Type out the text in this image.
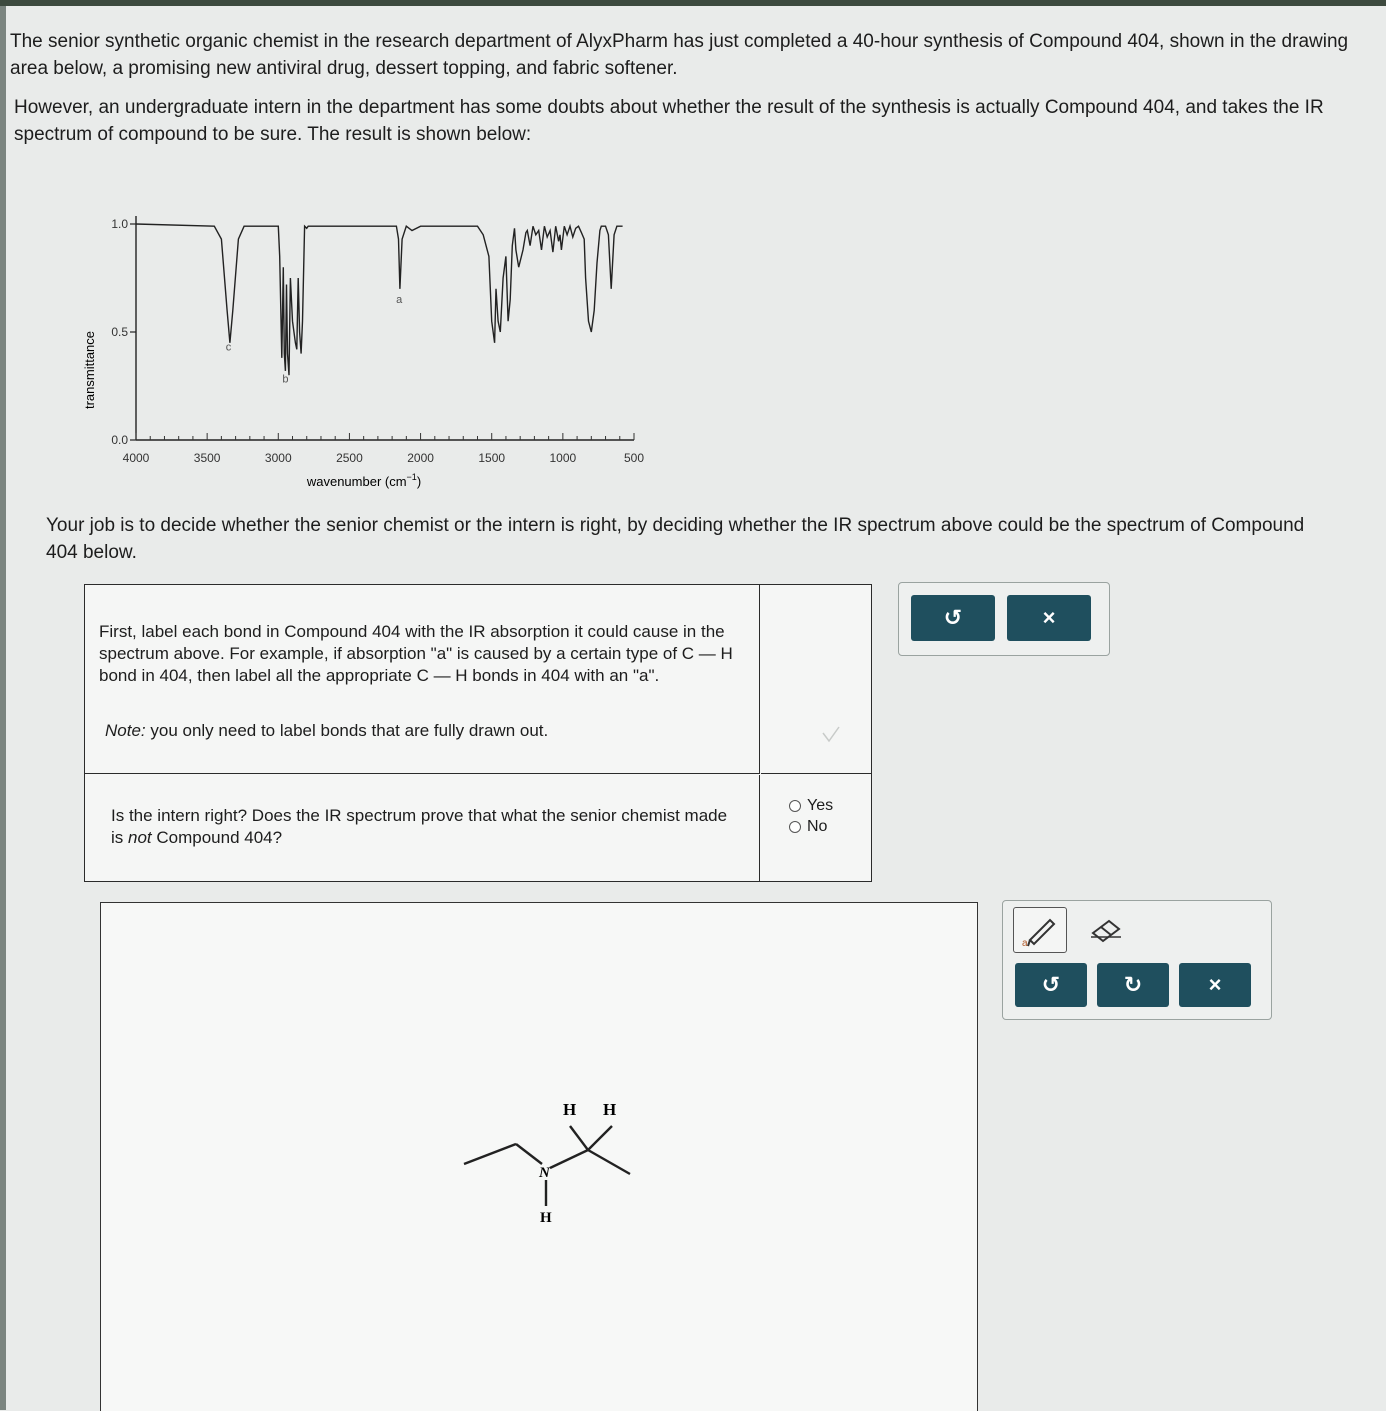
The senior synthetic organic chemist in the research department of AlyxPharm has just completed a 40-hour synthesis of Compound 404, shown in the drawing area below, a promising new antiviral drug, dessert topping, and fabric softener.
However, an undergraduate intern in the department has some doubts about whether the result of the synthesis is actually Compound 404, and takes the IR spectrum of compound to be sure. The result is shown below:
transmittance
0.0
0.5
1.0
4000	3500	3000	2500	2000	1500	1000	500
c
b
a
wavenumber $(cm^{-1})$
Your job is to decide whether the senior chemist or the intern is right, by deciding whether the IR spectrum above could be the spectrum of Compound 404 below.
First, label each bond in Compound 404 with the IR absorption it could cause in the spectrum above. For example, if absorption "a" is caused by a certain type of C — H bond in 404, then label all the appropriate C — H bonds in 404 with an "a".
Note: you only need to label bonds that are fully drawn out.
Is the intern right? Does the IR spectrum prove that what the senior chemist made is not Compound 404?
Yes
No
↺	×
H H
N
H
a
↺	↻	×
